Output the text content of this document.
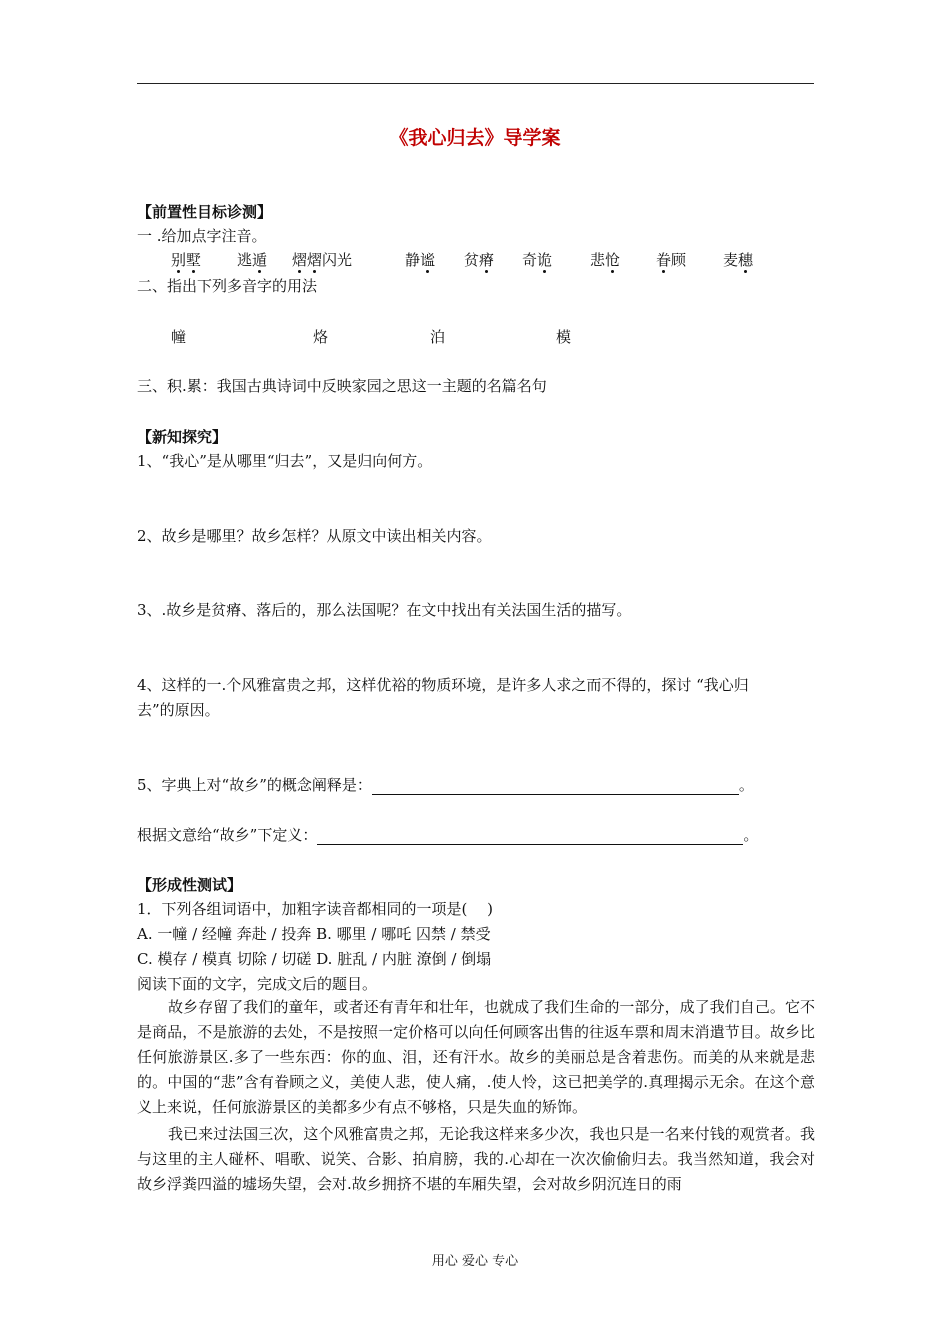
《我心归去》导学案
【前置性目标诊测】
一 .给加点字注音。
别墅 逃遁 熠熠闪光	静谧 贫瘠 奇诡	悲怆 眷顾 麦穗
二、指出下列多音字的用法
幢	烙	泊	模
三、积.累：我国古典诗词中反映家园之思这一主题的名篇名句
【新知探究】
1、“我心”是从哪里“归去”，又是归向何方。
2、故乡是哪里？故乡怎样？从原文中读出相关内容。
3、.故乡是贫瘠、落后的，那么法国呢？在文中找出有关法国生活的描写。
4、这样的一.个风雅富贵之邦，这样优裕的物质环境，是许多人求之而不得的，探讨 “我心归
去”的原因。
5、字典上对“故乡”的概念阐释是：	。
根据文意给“故乡”下定义：	。
【形成性测试】
1．下列各组词语中，加粗字读音都相同的一项是(　 )
A. 一幢 / 经幢 奔赴 / 投奔 B. 哪里 / 哪吒 囚禁 / 禁受
C. 模存 / 模真 切除 / 切磋 D. 脏乱 / 内脏 潦倒 / 倒塌
阅读下面的文字，完成文后的题目。

故乡存留了我们的童年，或者还有青年和壮年，也就成了我们生命的一部分，成了我们自己。它不是商品，不是旅游的去处，不是按照一定价格可以向任何顾客出售的往返车票和周末消遣节目。故乡比任何旅游景区.多了一些东西：你的血、泪，还有汗水。故乡的美丽总是含着悲伤。而美的从来就是悲的。中国的“悲”含有眷顾之义，美使人悲，使人痛，.使人怜，这已把美学的.真理揭示无余。在这个意义上来说，任何旅游景区的美都多少有点不够格，只是失血的矫饰。

我已来过法国三次，这个风雅富贵之邦，无论我这样来多少次，我也只是一名来付钱的观赏者。我与这里的主人碰杯、唱歌、说笑、合影、拍肩膀，我的.心却在一次次偷偷归去。我当然知道，我会对故乡浮粪四溢的墟场失望，会对.故乡拥挤不堪的车厢失望，会对故乡阴沉连日的雨

用心 爱心 专心
